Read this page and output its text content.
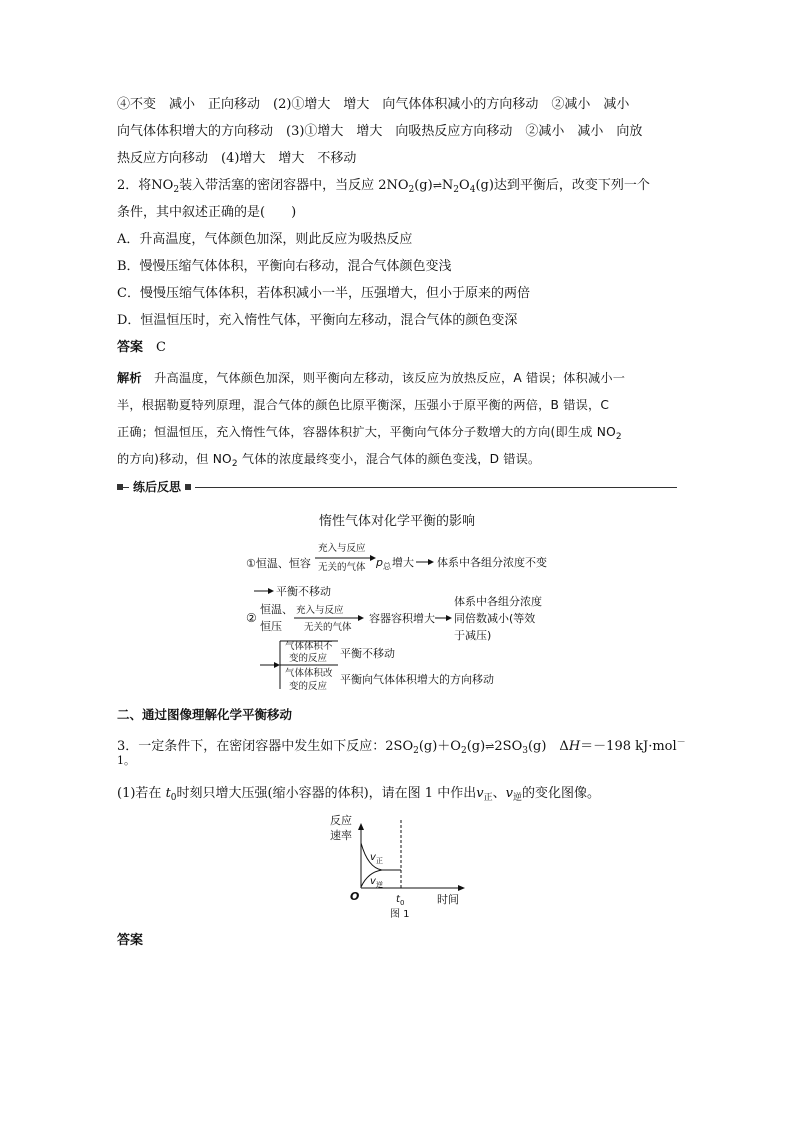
④不变　减小　正向移动　(2)①增大　增大　向气体体积减小的方向移动　②减小　减小
向气体体积增大的方向移动　(3)①增大　增大　向吸热反应方向移动　②减小　减小　向放
热反应方向移动　(4)增大　增大　不移动
2．将$NO_2$装入带活塞的密闭容器中，当反应 $2NO_2(g)\rightleftharpoons N_2O_4(g)$达到平衡后，改变下列一个
条件，其中叙述正确的是(　　)
A．升高温度，气体颜色加深，则此反应为吸热反应
B．慢慢压缩气体体积，平衡向右移动，混合气体颜色变浅
C．慢慢压缩气体体积，若体积减小一半，压强增大，但小于原来的两倍
D．恒温恒压时，充入惰性气体，平衡向左移动，混合气体的颜色变深
答案　 C
解析　 升高温度，气体颜色加深，则平衡向左移动，该反应为放热反应，A 错误；体积减小一
半，根据勒夏特列原理，混合气体的颜色比原平衡深，压强小于原平衡的两倍，B 错误，C
正确；恒温恒压，充入惰性气体，容器体积扩大，平衡向气体分子数增大的方向(即生成 $NO_2$
的方向)移动，但 $NO_2$ 气体的浓度最终变小，混合气体的颜色变浅，D 错误。
练后反思
惰性气体对化学平衡的影响
①恒温、恒容
充入与反应
无关的气体 p 总 增大 体系中各组分浓度不变
平衡不移动
②
恒温、
恒压
充入与反应
无关的气体
容器容积增大
体系中各组分浓度
同倍数减小(等效
于减压)
气体体积不
变的反应 平衡不移动
气体体积改
变的反应
平衡向气体体积增大的方向移动
二、通过图像理解化学平衡移动
3．一定条件下，在密闭容器中发生如下反应：$2SO_2(g)+O_2(g)\rightleftharpoons 2SO_3(g)$　ΔH＝－198 kJ·mol－
1。
(1)若在 $t_0$时刻只增大压强(缩小容器的体积)，请在图 1 中作出$v_正$、$v_逆$的变化图像。
反应
速率
v 正
v 逆
O	t 0	时间
图 1
答案
